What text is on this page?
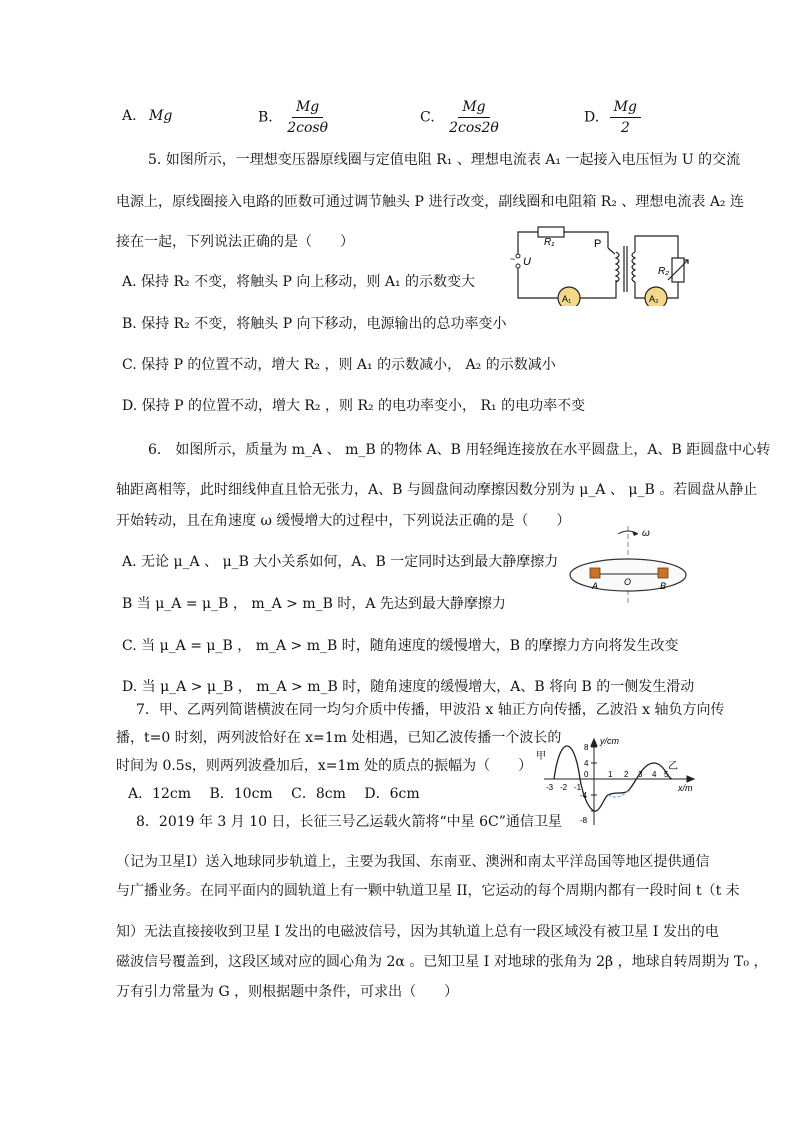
A. Mg	B. $\frac{Mg}{2\cos\theta}$	C. $\frac{Mg}{2\cos 2\theta}$	D. $\frac{Mg}{2}$
5. 如图所示，一理想变压器原线圈与定值电阻 R₁ 、理想电流表 A₁ 一起接入电压恒为 U 的交流
电源上，原线圈接入电路的匝数可通过调节触头 P 进行改变，副线圈和电阻箱 R₂ 、理想电流表 A₂ 连
接在一起，下列说法正确的是（　　）
A. 保持 R₂ 不变，将触头 P 向上移动，则 A₁ 的示数变大
B. 保持 R₂ 不变，将触头 P 向下移动，电源输出的总功率变小
C. 保持 P 的位置不动，增大 R₂ ，则 A₁ 的示数减小， A₂ 的示数减小
D. 保持 P 的位置不动，增大 R₂ ，则 R₂ 的电功率变小， R₁ 的电功率不变
R₁	P
~ U
R₂
A₁	A₂
6.　如图所示，质量为 m_A 、 m_B 的物体 A、B 用轻绳连接放在水平圆盘上，A、B 距圆盘中心转
轴距离相等，此时细线伸直且恰无张力，A、B 与圆盘间动摩擦因数分别为 μ_A 、 μ_B 。若圆盘从静止
开始转动，且在角速度 ω 缓慢增大的过程中，下列说法正确的是（　　）
A. 无论 μ_A 、 μ_B 大小关系如何，A、B 一定同时达到最大静摩擦力
B 当 μ_A = μ_B ， m_A > m_B 时，A 先达到最大静摩擦力
C. 当 μ_A = μ_B ， m_A > m_B 时，随角速度的缓慢增大，B 的摩擦力方向将发生改变
D. 当 μ_A > μ_B ， m_A > m_B 时，随角速度的缓慢增大，A、B 将向 B 的一侧发生滑动
ω
A	O	B
7．甲、乙两列简谐横波在同一均匀介质中传播，甲波沿 x 轴正方向传播，乙波沿 x 轴负方向传
播，t=0 时刻，两列波恰好在 x=1m 处相遇，已知乙波传播一个波长的
时间为 0.5s，则两列波叠加后，x=1m 处的质点的振幅为（　　）
A．12cm　 B．10cm　 C．8cm　 D．6cm
y/cm
x/m
甲
乙
8
4
0
-4
-8
-3 -2 -1
1 2 3 4 5
8．2019 年 3 月 10 日，长征三号乙运载火箭将“中星 6C”通信卫星
（记为卫星Ⅰ）送入地球同步轨道上，主要为我国、东南亚、澳洲和南太平洋岛国等地区提供通信
与广播业务。在同平面内的圆轨道上有一颗中轨道卫星 II，它运动的每个周期内都有一段时间 t（t 未
知）无法直接接收到卫星 I 发出的电磁波信号，因为其轨道上总有一段区域没有被卫星 I 发出的电
磁波信号覆盖到，这段区域对应的圆心角为 2α 。已知卫星 I 对地球的张角为 2β ，地球自转周期为 T₀ ，
万有引力常量为 G ，则根据题中条件，可求出（　　）
